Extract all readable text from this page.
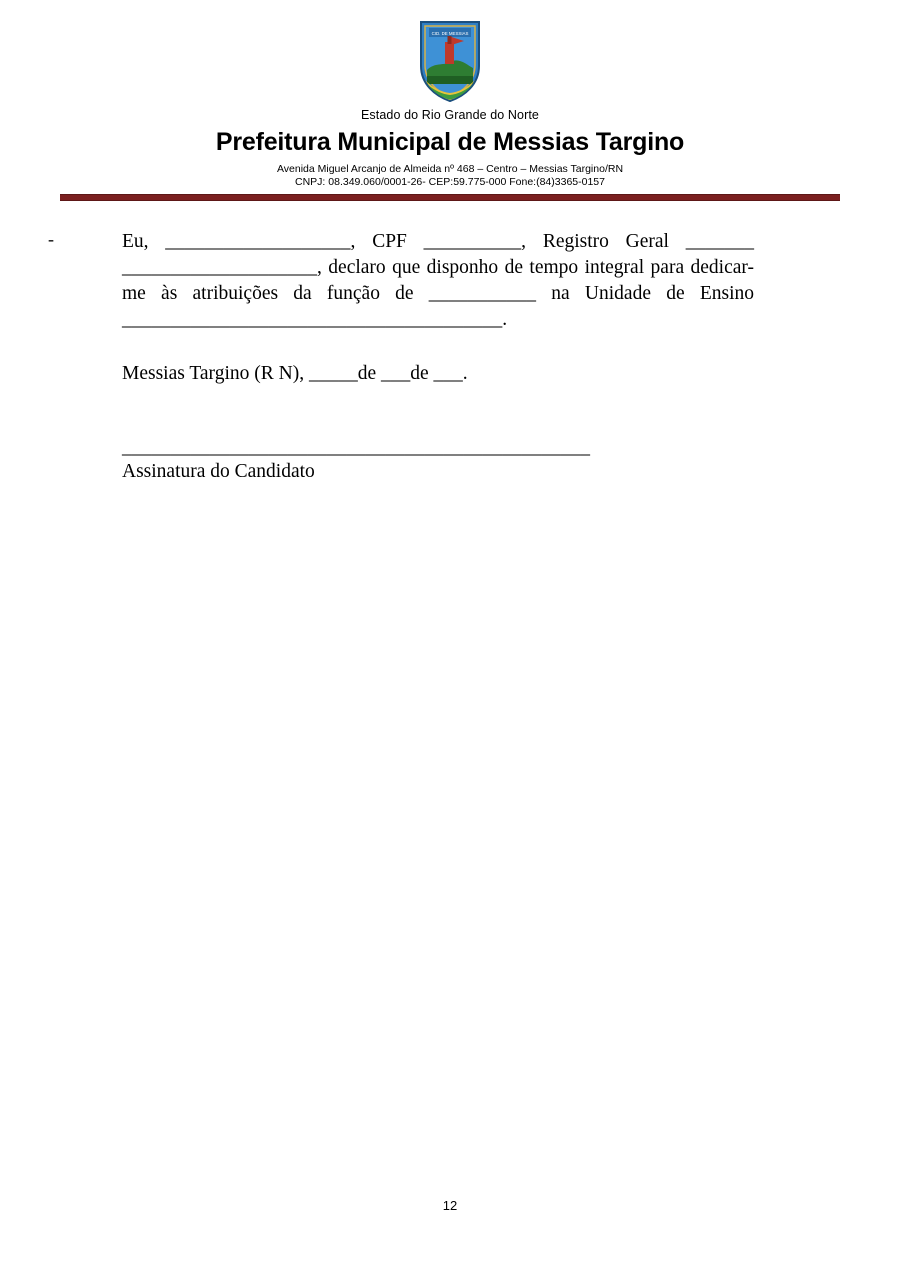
CID. DE MESSIAS
Estado do Rio Grande do Norte
Prefeitura Municipal de Messias Targino
Avenida Miguel Arcanjo de Almeida nº 468 – Centro – Messias Targino/RN
CNPJ: 08.349.060/0001-26- CEP:59.775-000 Fone:(84)3365-0157
-	Eu, ___________________, CPF __________, Registro Geral _______ ____________________, declaro que disponho de tempo integral para dedicar-me às atribuições da função de ___________ na Unidade de Ensino _______________________________________.

Messias Targino (R N), _____de ___de ___.
________________________________________________
Assinatura do Candidato
12
